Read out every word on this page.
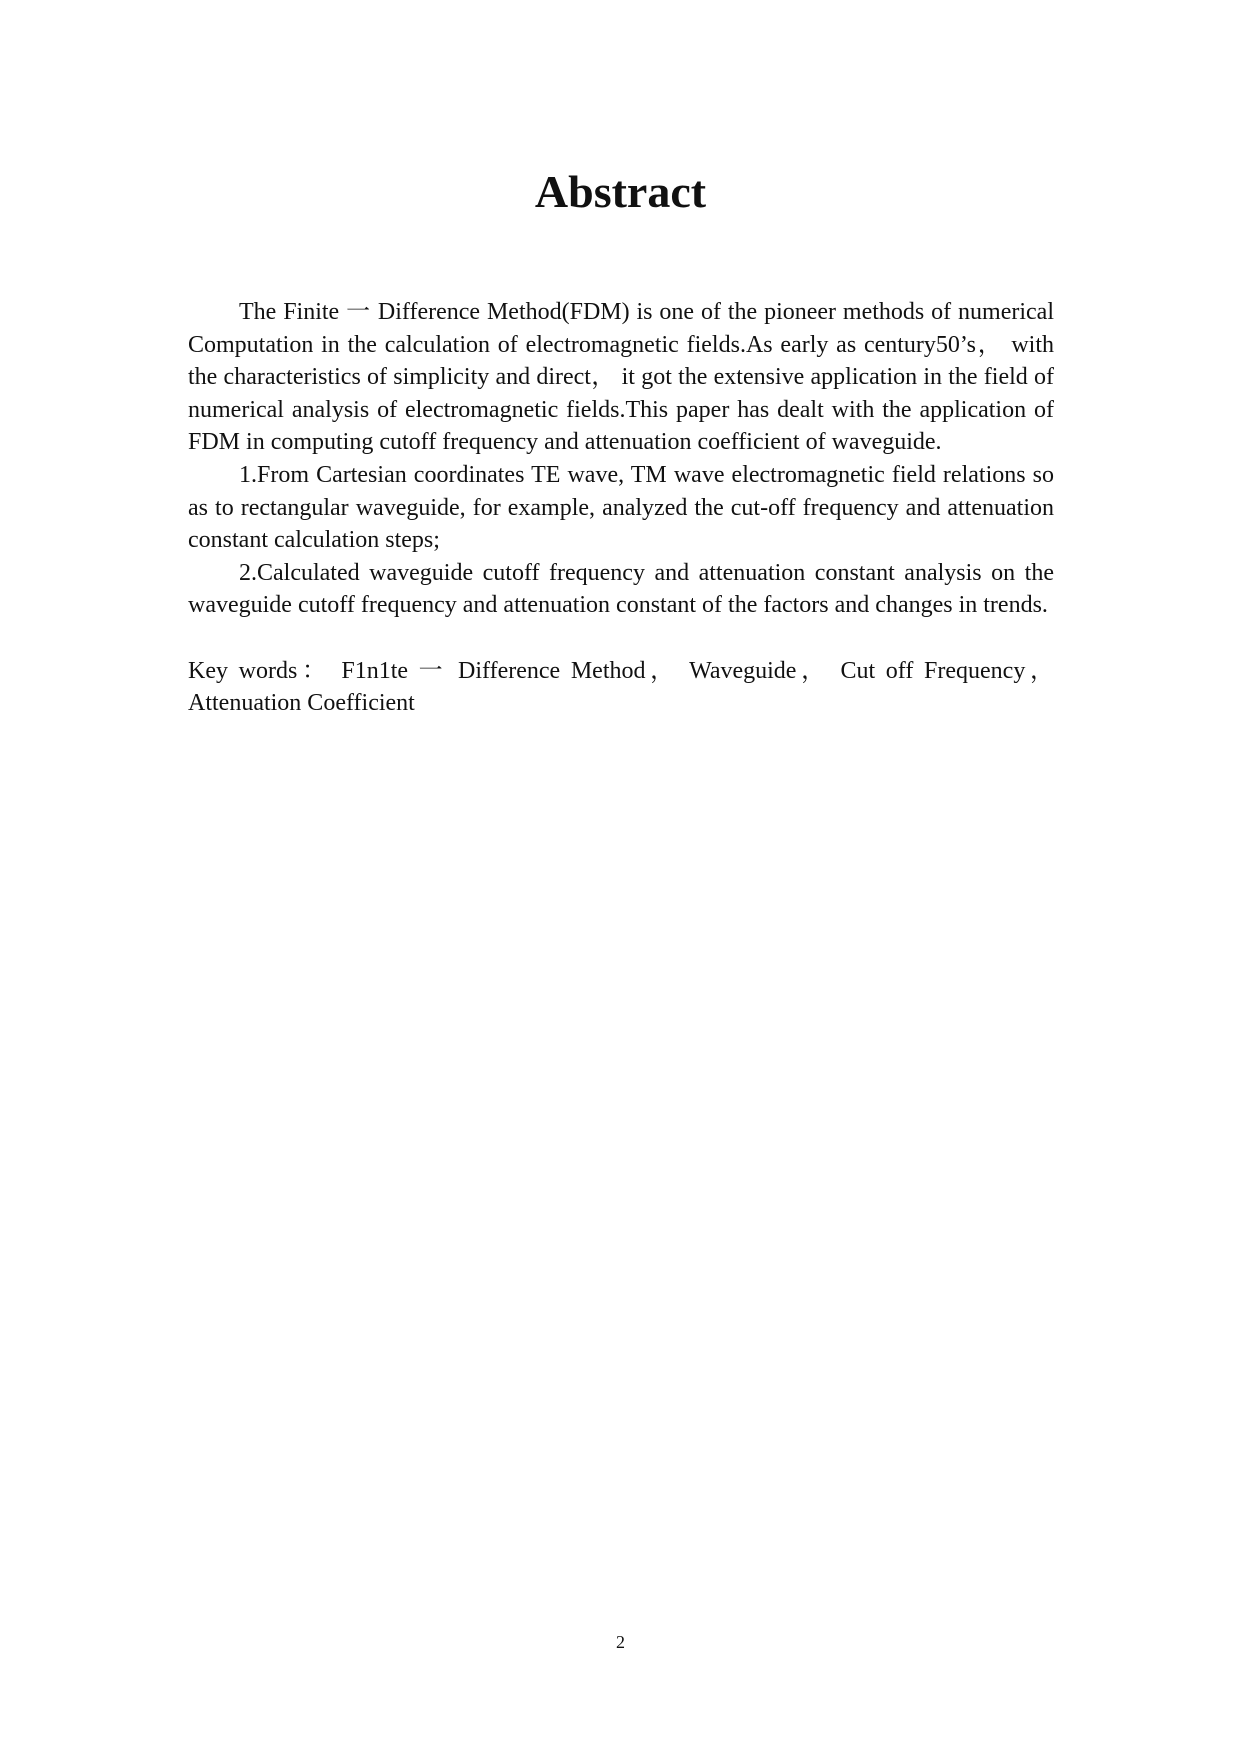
Abstract

The Finite 一 Difference Method(FDM) is one of the pioneer methods of numerical Computation in the calculation of electromagnetic fields.As early as century50’s， with the characteristics of simplicity and direct， it got the extensive application in the field of numerical analysis of electromagnetic fields.This paper has dealt with the application of FDM in computing cutoff frequency and attenuation coefficient of waveguide.

1.From Cartesian coordinates TE wave, TM wave electromagnetic field relations so as to rectangular waveguide, for example, analyzed the cut-off frequency and attenuation constant calculation steps;

2.Calculated waveguide cutoff frequency and attenuation constant analysis on the waveguide cutoff frequency and attenuation constant of the factors and changes in trends.

Key words： F1n1te 一 Difference Method， Waveguide， Cut off Frequency， Attenuation Coefficient

2
